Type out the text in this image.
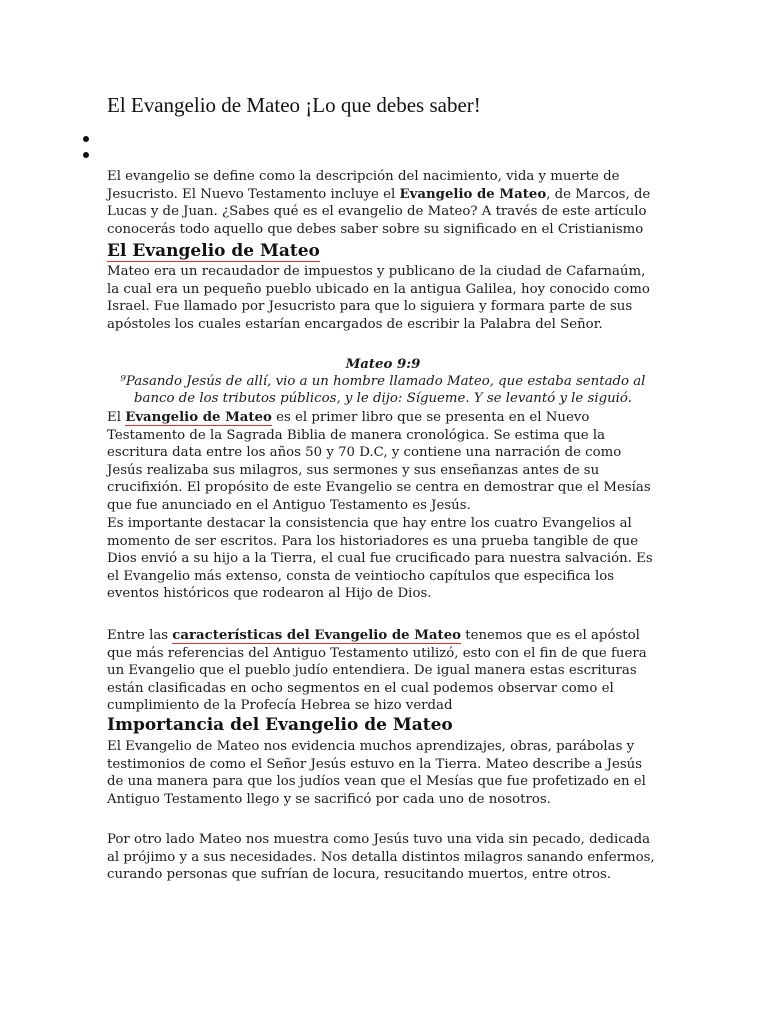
El Evangelio de Mateo ¡Lo que debes saber!

El evangelio se define como la descripción del nacimiento, vida y muerte de Jesucristo. El Nuevo Testamento incluye el Evangelio de Mateo, de Marcos, de Lucas y de Juan. ¿Sabes qué es el evangelio de Mateo? A través de este artículo conocerás todo aquello que debes saber sobre su significado en el Cristianismo

El Evangelio de Mateo

Mateo era un recaudador de impuestos y publicano de la ciudad de Cafarnaúm, la cual era un pequeño pueblo ubicado en la antigua Galilea, hoy conocido como Israel. Fue llamado por Jesucristo para que lo siguiera y formara parte de sus apóstoles los cuales estarían encargados de escribir la Palabra del Señor.

Mateo 9:9
⁹Pasando Jesús de allí, vio a un hombre llamado Mateo, que estaba sentado al banco de los tributos públicos, y le dijo: Sígueme. Y se levantó y le siguió.

El Evangelio de Mateo es el primer libro que se presenta en el Nuevo Testamento de la Sagrada Biblia de manera cronológica. Se estima que la escritura data entre los años 50 y 70 D.C, y contiene una narración de como Jesús realizaba sus milagros, sus sermones y sus enseñanzas antes de su crucifixión. El propósito de este Evangelio se centra en demostrar que el Mesías que fue anunciado en el Antiguo Testamento es Jesús.

Es importante destacar la consistencia que hay entre los cuatro Evangelios al momento de ser escritos. Para los historiadores es una prueba tangible de que Dios envió a su hijo a la Tierra, el cual fue crucificado para nuestra salvación. Es el Evangelio más extenso, consta de veintiocho capítulos que especifica los eventos históricos que rodearon al Hijo de Dios.

Entre las características del Evangelio de Mateo tenemos que es el apóstol que más referencias del Antiguo Testamento utilizó, esto con el fin de que fuera un Evangelio que el pueblo judío entendiera. De igual manera estas escrituras están clasificadas en ocho segmentos en el cual podemos observar como el cumplimiento de la Profecía Hebrea se hizo verdad

Importancia del Evangelio de Mateo

El Evangelio de Mateo nos evidencia muchos aprendizajes, obras, parábolas y testimonios de como el Señor Jesús estuvo en la Tierra. Mateo describe a Jesús de una manera para que los judíos vean que el Mesías que fue profetizado en el Antiguo Testamento llego y se sacrificó por cada uno de nosotros.

Por otro lado Mateo nos muestra como Jesús tuvo una vida sin pecado, dedicada al prójimo y a sus necesidades. Nos detalla distintos milagros sanando enfermos, curando personas que sufrían de locura, resucitando muertos, entre otros.
